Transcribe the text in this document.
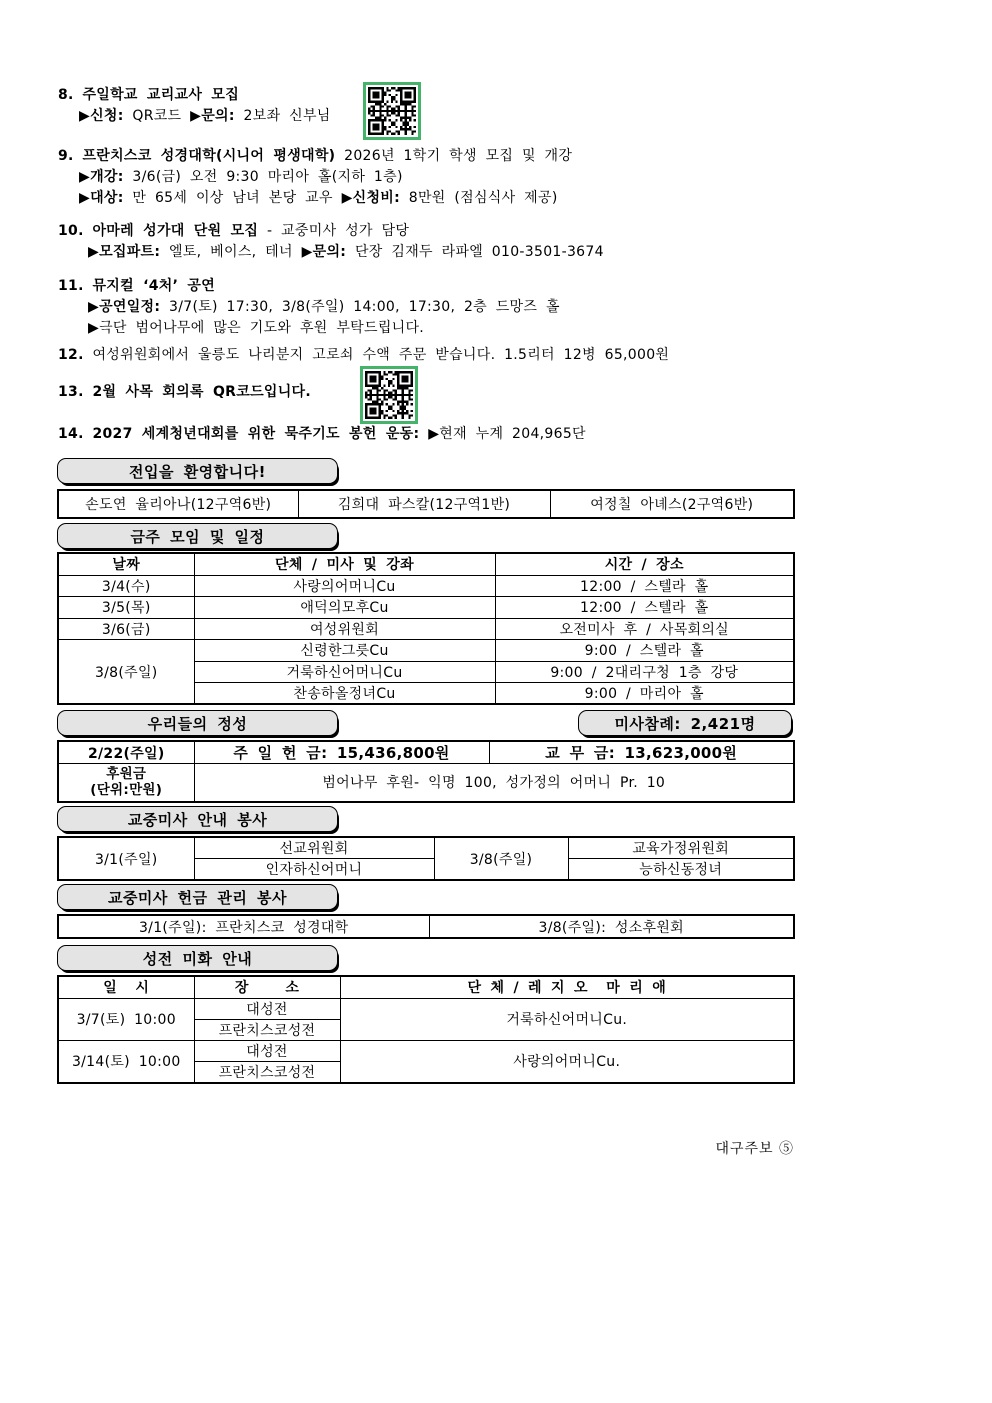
8. 주일학교 교리교사 모집
▶신청: QR코드 ▶문의: 2보좌 신부님
9. 프란치스코 성경대학(시니어 평생대학) 2026년 1학기 학생 모집 및 개강
▶개강: 3/6(금) 오전 9:30 마리아 홀(지하 1층)
▶대상: 만 65세 이상 남녀 본당 교우 ▶신청비: 8만원 (점심식사 제공)
10. 아마레 성가대 단원 모집 - 교중미사 성가 담당
▶모집파트: 엘토, 베이스, 테너 ▶문의: 단장 김재두 라파엘 010-3501-3674
11. 뮤지컬 ‘4처’ 공연
▶공연일정: 3/7(토) 17:30, 3/8(주일) 14:00, 17:30, 2층 드망즈 홀
▶극단 범어나무에 많은 기도와 후원 부탁드립니다.
12. 여성위원회에서 울릉도 나리분지 고로쇠 수액 주문 받습니다. 1.5리터 12병 65,000원
13. 2월 사목 회의록 QR코드입니다.
14. 2027 세계청년대회를 위한 묵주기도 봉헌 운동: ▶현재 누계 204,965단
전입을 환영합니다!
손도연 율리아나(12구역6반)	김희대 파스칼(12구역1반)	여정칠 아녜스(2구역6반)
금주 모임 및 일정
날짜	단체 / 미사 및 강좌	시간 / 장소
3/4(수)	사랑의어머니Cu	12:00 / 스텔라 홀
3/5(목)	애덕의모후Cu	12:00 / 스텔라 홀
3/6(금)	여성위원회	오전미사 후 / 사목회의실
3/8(주일)	신령한그릇Cu	9:00 / 스텔라 홀
	거룩하신어머니Cu	9:00 / 2대리구청 1층 강당
	찬송하올정녀Cu	9:00 / 마리아 홀
우리들의 정성	미사참례: 2,421명
2/22(주일)	주 일 헌 금: 15,436,800원	교 무 금: 13,623,000원

후원금
(단위:만원)	범어나무 후원- 익명 100, 성가정의 어머니 Pr. 10	
교중미사 안내 봉사
3/1(주일)	선교위원회	3/8(주일)	교육가정위원회
	인자하신어머니		능하신동정녀
교중미사 헌금 관리 봉사
3/1(주일): 프란치스코 성경대학	3/8(주일): 성소후원회
성전 미화 안내
일  시	장    소	단 체 / 레 지 오  마 리 애
3/7(토) 10:00	대성전	거룩하신어머니Cu.
	프란치스코성전	
3/14(토) 10:00	대성전	사랑의어머니Cu.
	프란치스코성전	
대구주보 ⑤
